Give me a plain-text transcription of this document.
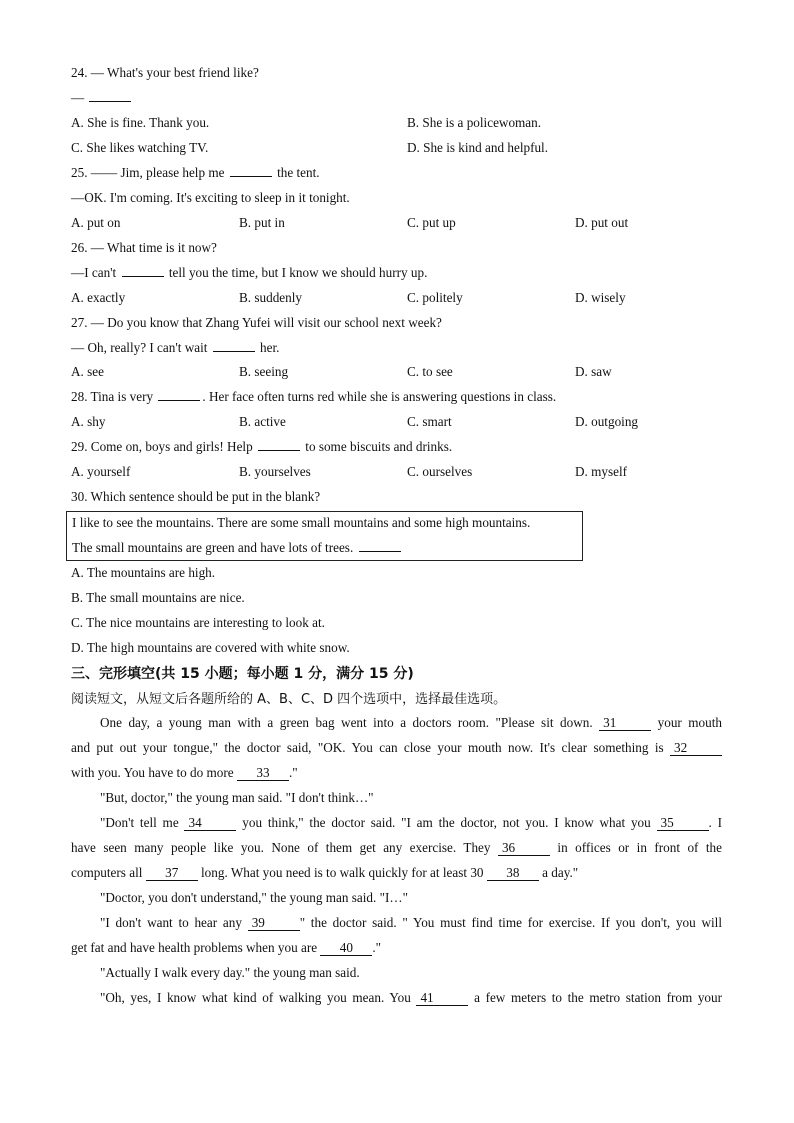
24. — What's your best friend like?
—
A. She is fine. Thank you.	B. She is a policewoman.
C. She likes watching TV.	D. She is kind and helpful.
25. —— Jim, please help me	the tent.
—OK. I'm coming. It's exciting to sleep in it tonight.
A. put on	B. put in	C. put up	D. put out
26. — What time is it now?
—I can't	tell you the time, but I know we should hurry up.
A. exactly	B. suddenly	C. politely	D. wisely
27. — Do you know that Zhang Yufei will visit our school next week?
— Oh, really? I can't wait	her.
A. see	B. seeing	C. to see	D. saw
28. Tina is very	. Her face often turns red while she is answering questions in class.
A. shy	B. active	C. smart	D. outgoing
29. Come on, boys and girls! Help	to some biscuits and drinks.
A. yourself	B. yourselves	C. ourselves	D. myself
30. Which sentence should be put in the blank?
I like to see the mountains. There are some small mountains and some high mountains.
The small mountains are green and have lots of trees.
A. The mountains are high.
B. The small mountains are nice.
C. The nice mountains are interesting to look at.
D. The high mountains are covered with white snow.
三、完形填空(共 15 小题；每小题 1 分，满分 15 分)
阅读短文，从短文后各题所给的 A、B、C、D 四个选项中，选择最佳选项。
One day, a young man with a green bag went into a doctors room. "Please sit down. 31	your mouth
and put out your tongue," the doctor said, "OK. You can close your mouth now. It's clear something is 32
with you. You have to do more 33 ."
"But, doctor," the young man said. "I don't think…"
"Don't tell me 34	you think," the doctor said. "I am the doctor, not you. I know what you 35	. I
have seen many people like you. None of them get any exercise. They 36	in offices or in front of the
computers all 37 long. What you need is to walk quickly for at least 30 38 a day."
"Doctor, you don't understand," the young man said. "I…"
"I don't want to hear any 39	" the doctor said. " You must find time for exercise. If you don't, you will
get fat and have health problems when you are 40 ."
"Actually I walk every day." the young man said.
"Oh, yes, I know what kind of walking you mean. You 41	a few meters to the metro station from your
